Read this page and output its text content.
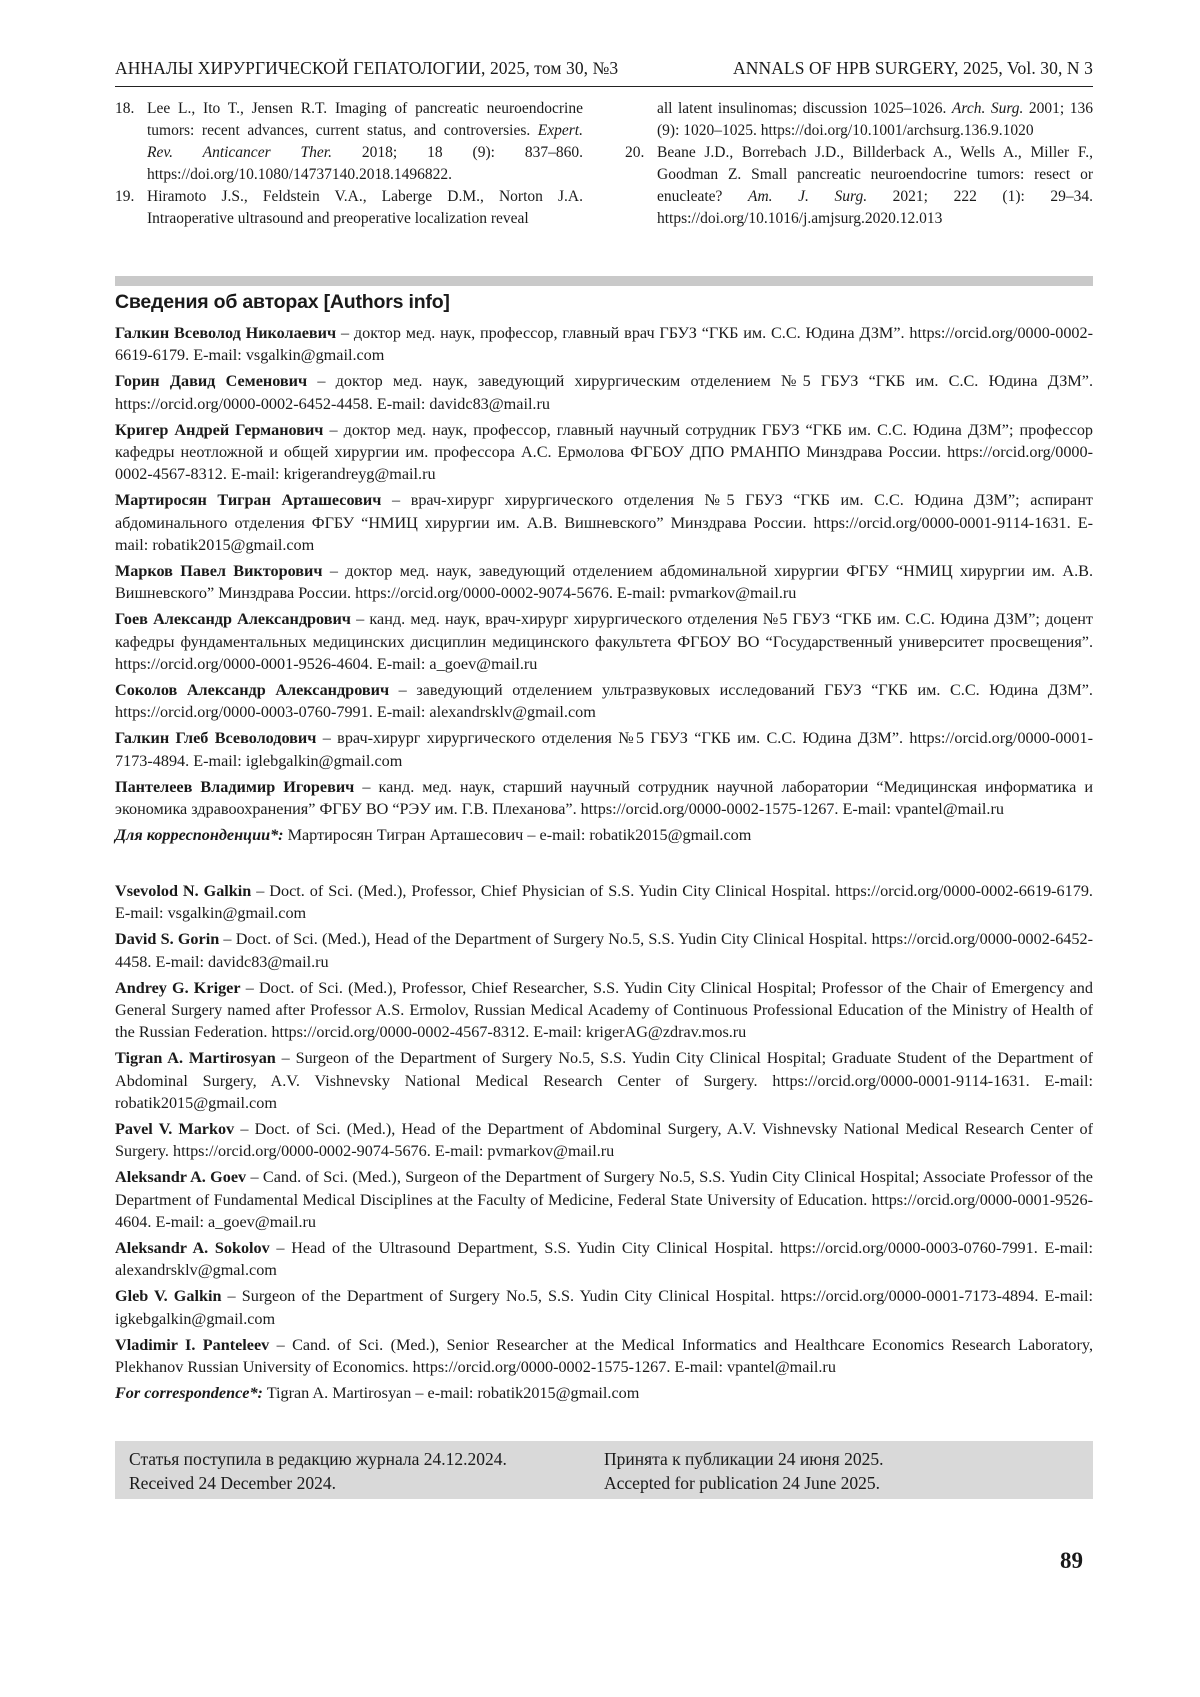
АННАЛЫ ХИРУРГИЧЕСКОЙ ГЕПАТОЛОГИИ, 2025, том 30, №3	ANNALS OF HPB SURGERY, 2025, Vol. 30, N 3
18. Lee L., Ito T., Jensen R.T. Imaging of pancreatic neuroendocrine tumors: recent advances, current status, and controversies. Expert. Rev. Anticancer Ther. 2018; 18 (9): 837–860. https://doi.org/10.1080/14737140.2018.1496822.
19. Hiramoto J.S., Feldstein V.A., Laberge D.M., Norton J.A. Intraoperative ultrasound and preoperative localization reveal
all latent insulinomas; discussion 1025–1026. Arch. Surg. 2001; 136 (9): 1020–1025. https://doi.org/10.1001/archsurg.136.9.1020
20. Beane J.D., Borrebach J.D., Billderback A., Wells A., Miller F., Goodman Z. Small pancreatic neuroendocrine tumors: resect or enucleate? Am. J. Surg. 2021; 222 (1): 29–34. https://doi.org/10.1016/j.amjsurg.2020.12.013
Сведения об авторах [Authors info]
Галкин Всеволод Николаевич – доктор мед. наук, профессор, главный врач ГБУЗ “ГКБ им. С.С. Юдина ДЗМ”. https://orcid.org/0000-0002-6619-6179. E-mail: vsgalkin@gmail.com
Горин Давид Семенович – доктор мед. наук, заведующий хирургическим отделением №5 ГБУЗ “ГКБ им. С.С. Юдина ДЗМ”. https://orcid.org/0000-0002-6452-4458. E-mail: davidc83@mail.ru
Кригер Андрей Германович – доктор мед. наук, профессор, главный научный сотрудник ГБУЗ “ГКБ им. С.С. Юдина ДЗМ”; профессор кафедры неотложной и общей хирургии им. профессора А.С. Ермолова ФГБОУ ДПО РМАНПО Минздрава России. https://orcid.org/0000-0002-4567-8312. E-mail: krigerandreyg@mail.ru
Мартиросян Тигран Арташесович – врач-хирург хирургического отделения №5 ГБУЗ “ГКБ им. С.С. Юдина ДЗМ”; аспирант абдоминального отделения ФГБУ “НМИЦ хирургии им. А.В. Вишневского” Минздрава России. https://orcid.org/0000-0001-9114-1631. E-mail: robatik2015@gmail.com
Марков Павел Викторович – доктор мед. наук, заведующий отделением абдоминальной хирургии ФГБУ “НМИЦ хирургии им. А.В. Вишневского” Минздрава России. https://orcid.org/0000-0002-9074-5676. E-mail: pvmarkov@mail.ru
Гоев Александр Александрович – канд. мед. наук, врач-хирург хирургического отделения №5 ГБУЗ “ГКБ им. С.С. Юдина ДЗМ”; доцент кафедры фундаментальных медицинских дисциплин медицинского факультета ФГБОУ ВО “Государственный университет просвещения”. https://orcid.org/0000-0001-9526-4604. E-mail: a_goev@mail.ru
Соколов Александр Александрович – заведующий отделением ультразвуковых исследований ГБУЗ “ГКБ им. С.С. Юдина ДЗМ”. https://orcid.org/0000-0003-0760-7991. E-mail: alexandrsklv@gmail.com
Галкин Глеб Всеволодович – врач-хирург хирургического отделения №5 ГБУЗ “ГКБ им. С.С. Юдина ДЗМ”. https://orcid.org/0000-0001-7173-4894. E-mail: iglebgalkin@gmail.com
Пантелеев Владимир Игоревич – канд. мед. наук, старший научный сотрудник научной лаборатории “Медицинская информатика и экономика здравоохранения” ФГБУ ВО “РЭУ им. Г.В. Плеханова”. https://orcid.org/0000-0002-1575-1267. E-mail: vpantel@mail.ru
Для корреспонденции*: Мартиросян Тигран Арташесович – e-mail: robatik2015@gmail.com
Vsevolod N. Galkin – Doct. of Sci. (Med.), Professor, Chief Physician of S.S. Yudin City Clinical Hospital. https://orcid.org/0000-0002-6619-6179. E-mail: vsgalkin@gmail.com
David S. Gorin – Doct. of Sci. (Med.), Head of the Department of Surgery No.5, S.S. Yudin City Clinical Hospital. https://orcid.org/0000-0002-6452-4458. E-mail: davidc83@mail.ru
Andrey G. Kriger – Doct. of Sci. (Med.), Professor, Chief Researcher, S.S. Yudin City Clinical Hospital; Professor of the Chair of Emergency and General Surgery named after Professor A.S. Ermolov, Russian Medical Academy of Continuous Professional Education of the Ministry of Health of the Russian Federation. https://orcid.org/0000-0002-4567-8312. E-mail: krigerAG@zdrav.mos.ru
Tigran A. Martirosyan – Surgeon of the Department of Surgery No.5, S.S. Yudin City Clinical Hospital; Graduate Student of the Department of Abdominal Surgery, A.V. Vishnevsky National Medical Research Center of Surgery. https://orcid.org/0000-0001-9114-1631. E-mail: robatik2015@gmail.com
Pavel V. Markov – Doct. of Sci. (Med.), Head of the Department of Abdominal Surgery, A.V. Vishnevsky National Medical Research Center of Surgery. https://orcid.org/0000-0002-9074-5676. E-mail: pvmarkov@mail.ru
Aleksandr A. Goev – Cand. of Sci. (Med.), Surgeon of the Department of Surgery No.5, S.S. Yudin City Clinical Hospital; Associate Professor of the Department of Fundamental Medical Disciplines at the Faculty of Medicine, Federal State University of Education. https://orcid.org/0000-0001-9526-4604. E-mail: a_goev@mail.ru
Aleksandr A. Sokolov – Head of the Ultrasound Department, S.S. Yudin City Clinical Hospital. https://orcid.org/0000-0003-0760-7991. E-mail: alexandrsklv@gmal.com
Gleb V. Galkin – Surgeon of the Department of Surgery No.5, S.S. Yudin City Clinical Hospital. https://orcid.org/0000-0001-7173-4894. E-mail: igkebgalkin@gmail.com
Vladimir I. Panteleev – Cand. of Sci. (Med.), Senior Researcher at the Medical Informatics and Healthcare Economics Research Laboratory, Plekhanov Russian University of Economics. https://orcid.org/0000-0002-1575-1267. E-mail: vpantel@mail.ru
For correspondence*: Tigran A. Martirosyan – e-mail: robatik2015@gmail.com
Статья поступила в редакцию журнала 24.12.2024.
Received 24 December 2024.
Принята к публикации 24 июня 2025.
Accepted for publication 24 June 2025.
89
